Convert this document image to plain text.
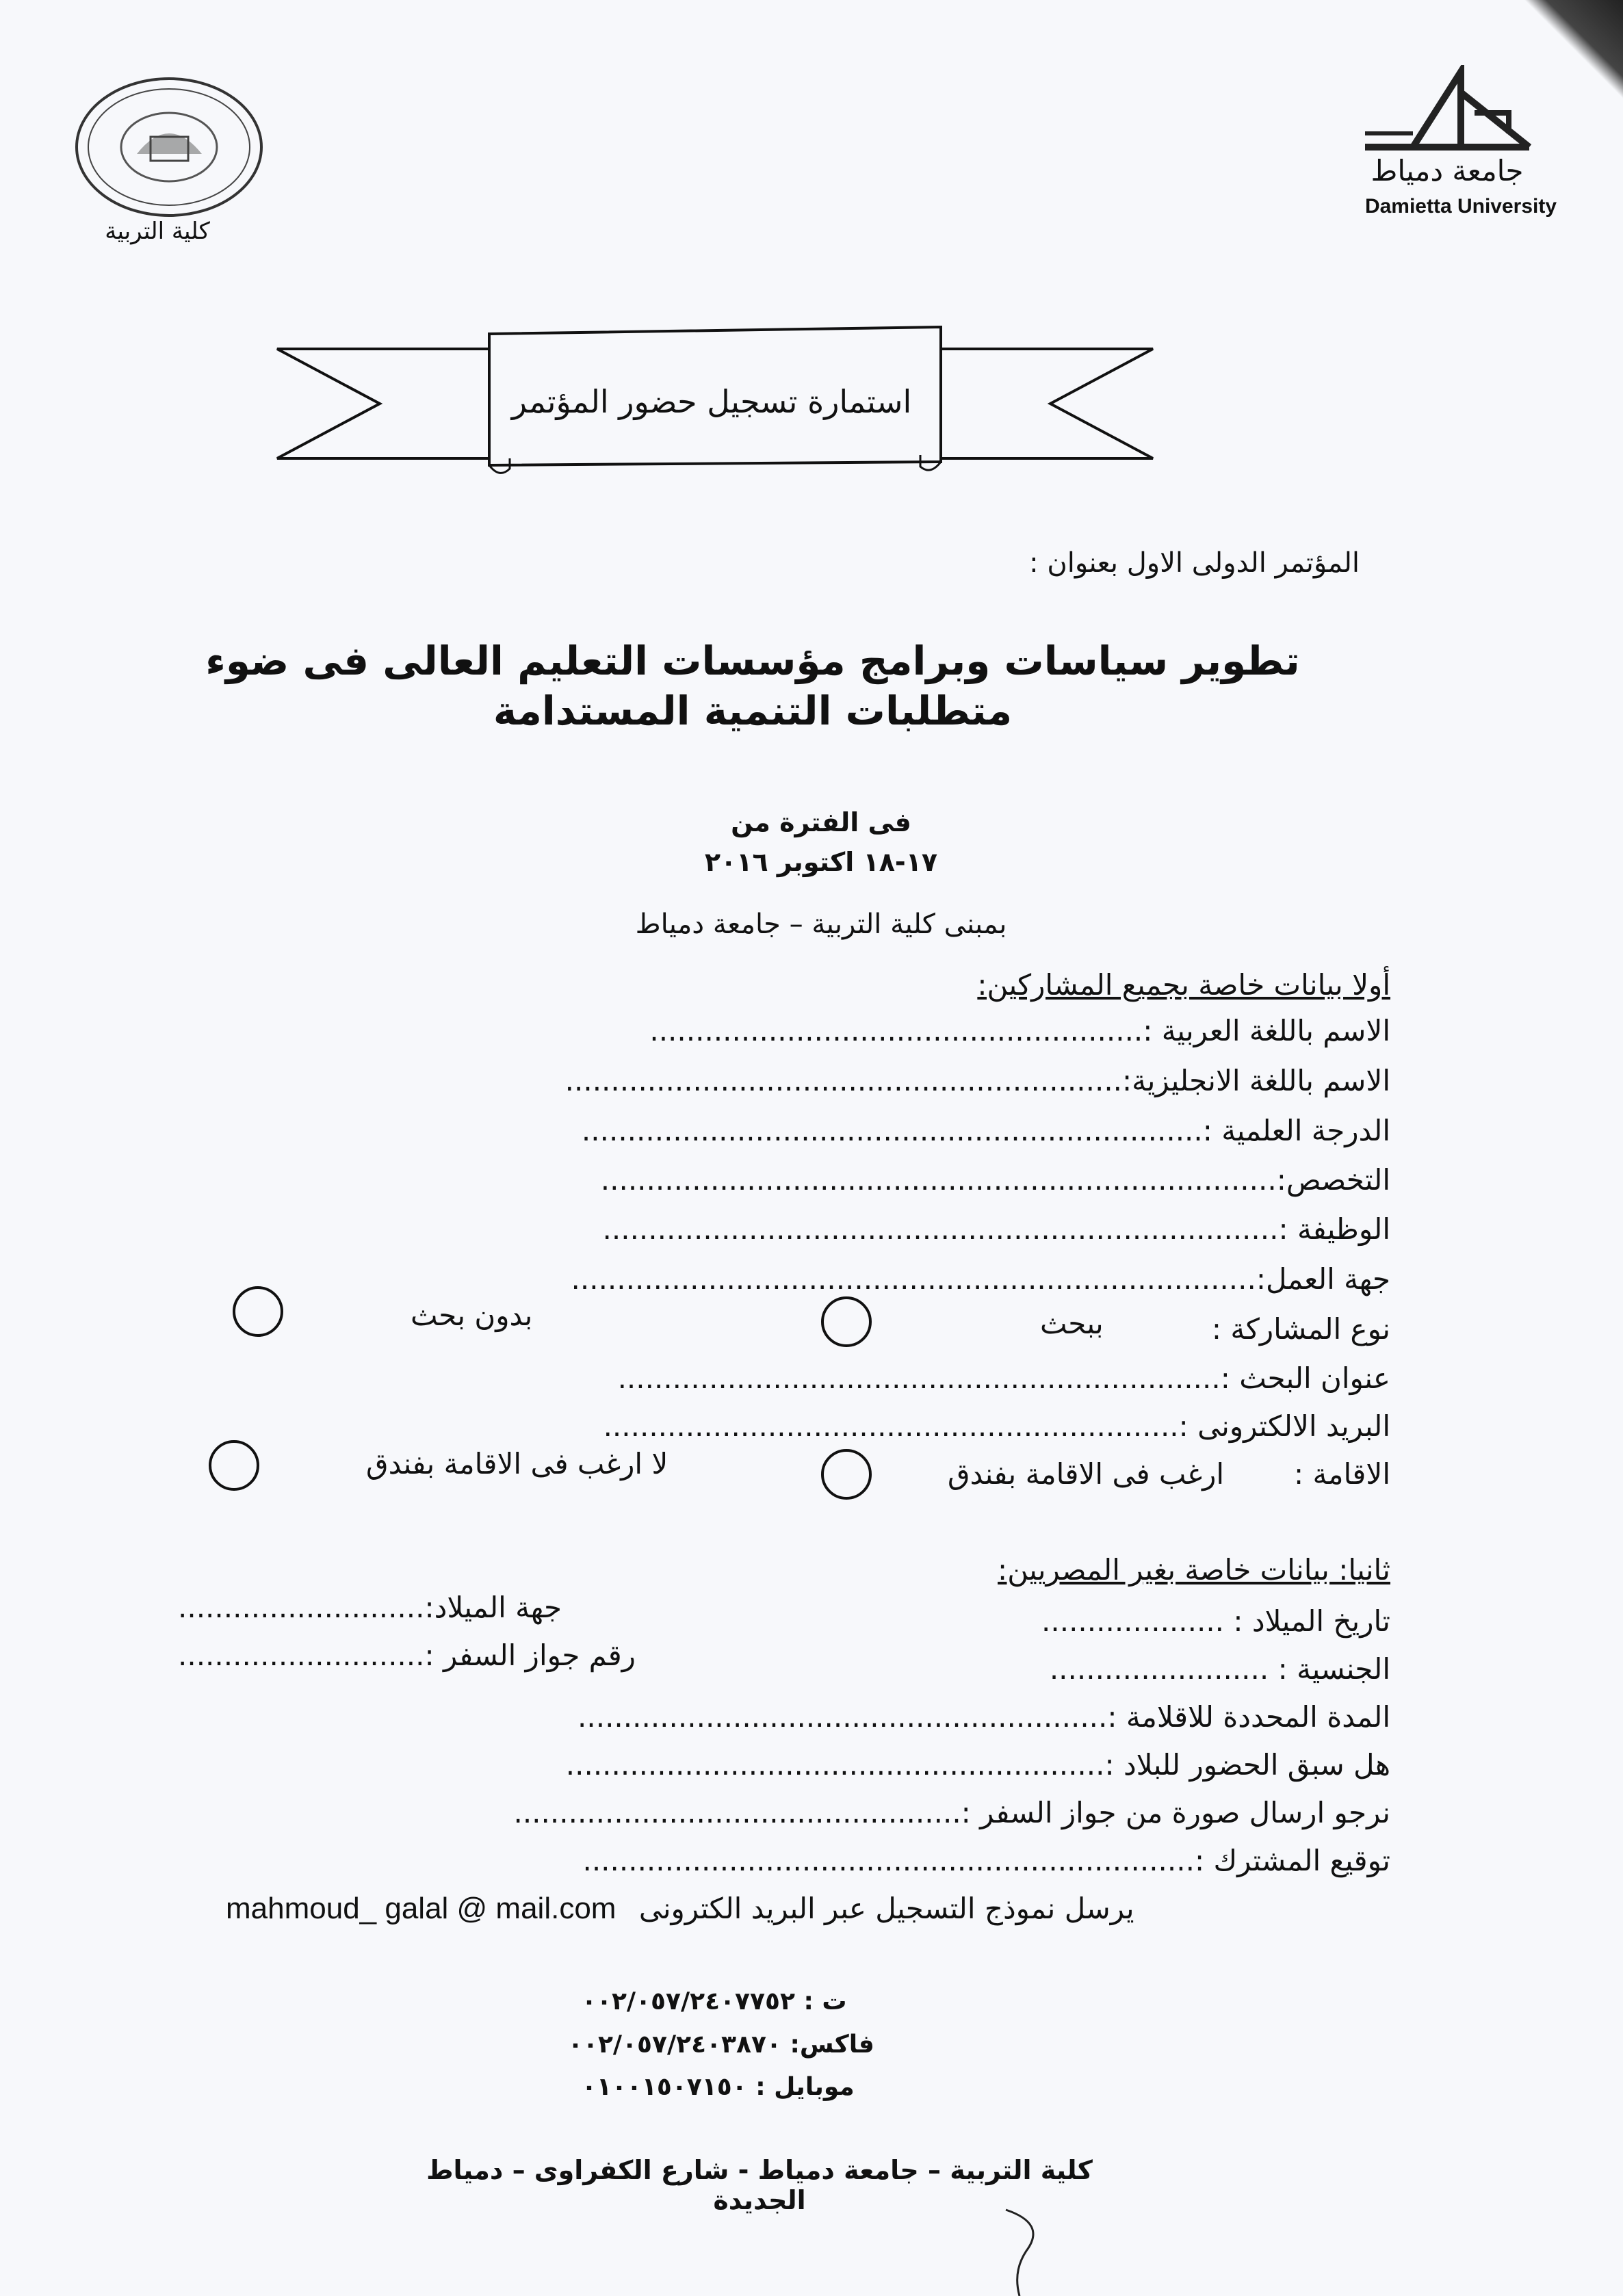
كلية التربية
جامعة دمياط
Damietta University
استمارة تسجيل حضور المؤتمر
المؤتمر الدولى الاول بعنوان :
تطوير سياسات وبرامج مؤسسات التعليم العالى فى ضوء متطلبات التنمية المستدامة
فى الفترة من
١٧-١٨ اكتوبر ٢٠١٦
بمبنى كلية التربية – جامعة دمياط
أولا بيانات خاصة بجميع المشاركين:
الاسم باللغة العربية :......................................................
الاسم باللغة الانجليزية:.............................................................
الدرجة العلمية :....................................................................
التخصص:..........................................................................
الوظيفة :..........................................................................
جهة العمل:...........................................................................
نوع المشاركة :
ببحث
بدون بحث
عنوان البحث :..................................................................
البريد الالكترونى :...............................................................
الاقامة :
ارغب فى الاقامة بفندق
لا ارغب فى الاقامة بفندق
ثانيا: بيانات خاصة بغير المصريين:
تاريخ الميلاد : ....................
جهة الميلاد:...........................
الجنسية : ........................
رقم جواز السفر :...........................
المدة المحددة للاقلامة :..........................................................
هل سبق الحضور للبلاد :...........................................................
نرجو ارسال صورة من جواز السفر :.................................................
توقيع المشترك :...................................................................
mahmoud_ galal @ mail.com يرسل نموذج التسجيل عبر البريد الكترونى
ت : ٠٠٢/٠٥٧/٢٤٠٧٧٥٢
فاكس: ٠٠٢/٠٥٧/٢٤٠٣٨٧٠
موبايل : ٠١٠٠١٥٠٧١٥٠
كلية التربية – جامعة دمياط - شارع الكفراوى – دمياط الجديدة
